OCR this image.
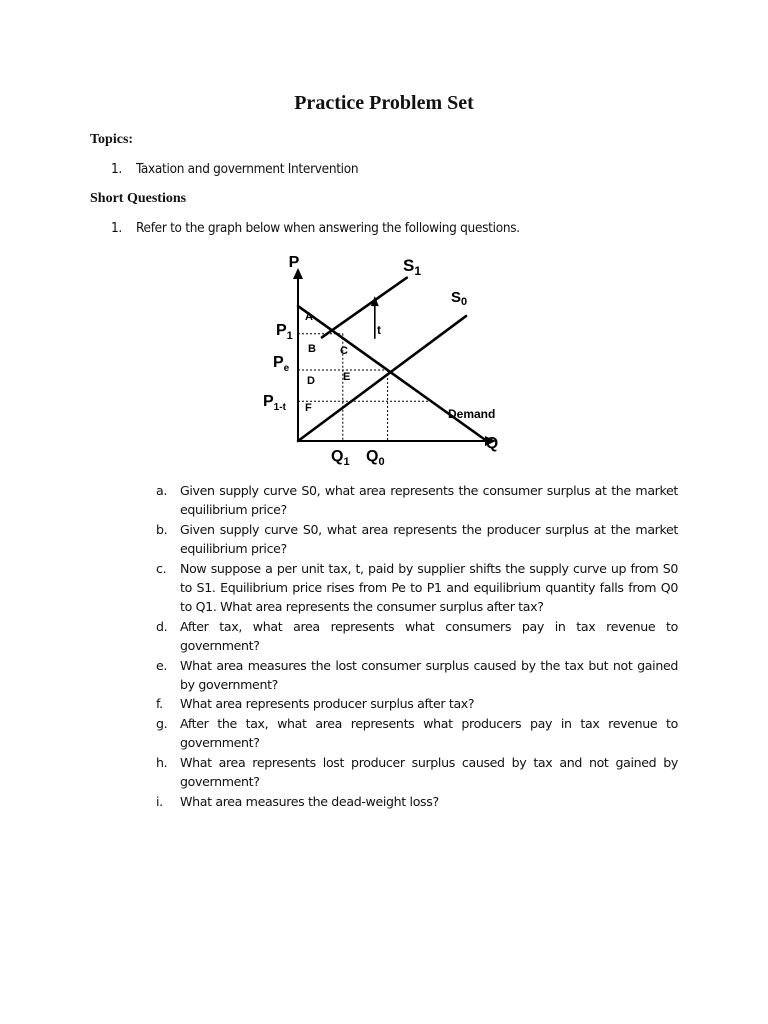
Practice Problem Set

Topics:

1. Taxation and government Intervention

Short Questions

1. Refer to the graph below when answering the following questions.

P
Q
t
$S_1$
$S_0$
Demand
A
B C
D	E
F
$P_1$
$P_e$
$P_{1-t}$
$Q_1$ $Q_0$
a. Given supply curve S0, what area represents the consumer surplus at the market equilibrium price?
b. Given supply curve S0, what area represents the producer surplus at the market equilibrium price?
c. Now suppose a per unit tax, t, paid by supplier shifts the supply curve up from S0 to S1. Equilibrium price rises from Pe to P1 and equilibrium quantity falls from Q0 to Q1. What area represents the consumer surplus after tax?
d. After tax, what area represents what consumers pay in tax revenue to government?
e. What area measures the lost consumer surplus caused by the tax but not gained by government?
f. What area represents producer surplus after tax?
g. After the tax, what area represents what producers pay in tax revenue to government?
h. What area represents lost producer surplus caused by tax and not gained by government?
i. What area measures the dead-weight loss?
